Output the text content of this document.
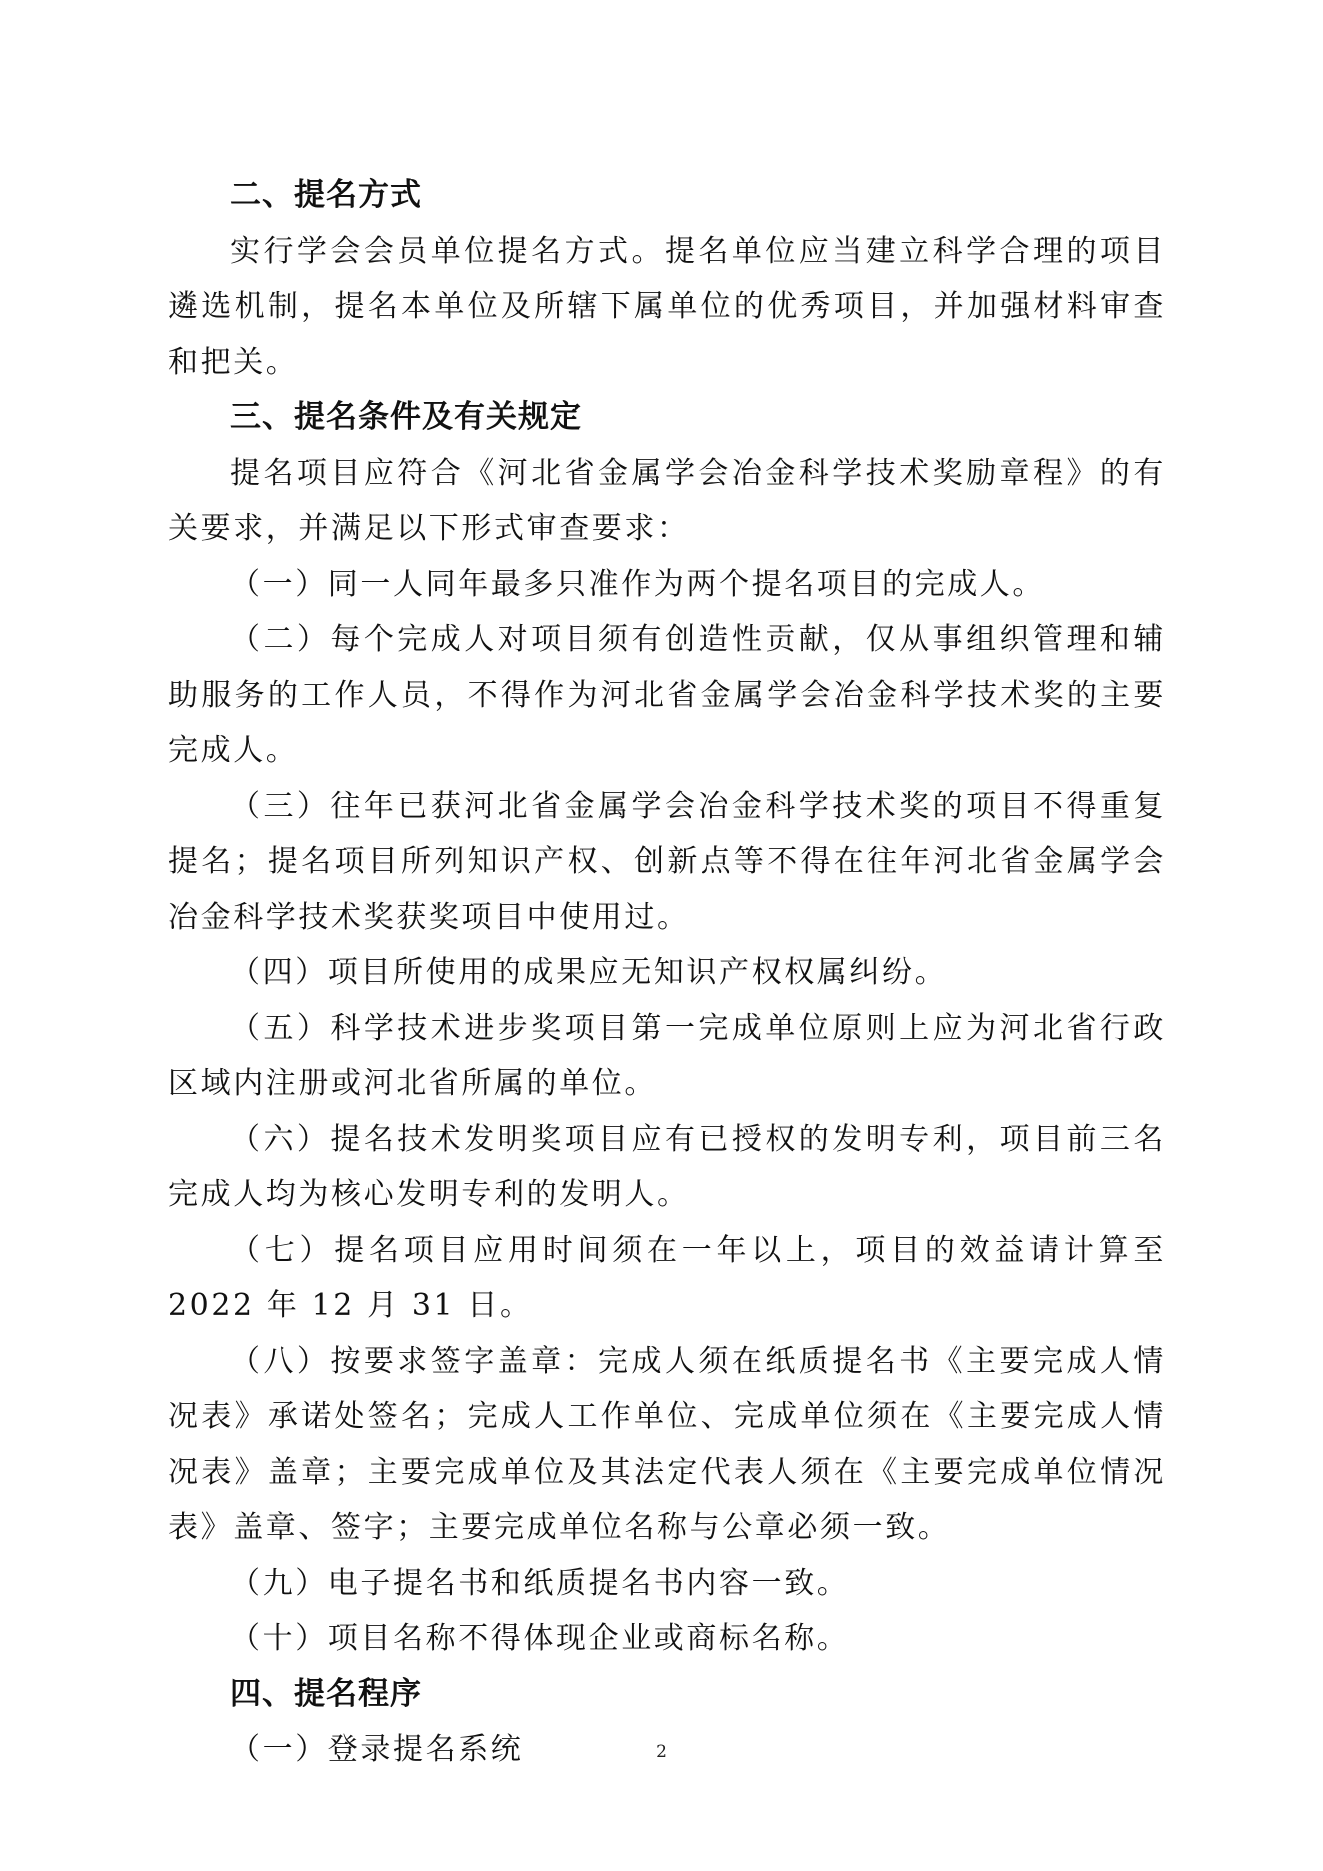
二、提名方式

实行学会会员单位提名方式。提名单位应当建立科学合理的项目遴选机制，提名本单位及所辖下属单位的优秀项目，并加强材料审查和把关。

三、提名条件及有关规定

提名项目应符合《河北省金属学会冶金科学技术奖励章程》的有关要求，并满足以下形式审查要求：

（一）同一人同年最多只准作为两个提名项目的完成人。

（二）每个完成人对项目须有创造性贡献，仅从事组织管理和辅助服务的工作人员，不得作为河北省金属学会冶金科学技术奖的主要完成人。

（三）往年已获河北省金属学会冶金科学技术奖的项目不得重复提名；提名项目所列知识产权、创新点等不得在往年河北省金属学会冶金科学技术奖获奖项目中使用过。

（四）项目所使用的成果应无知识产权权属纠纷。

（五）科学技术进步奖项目第一完成单位原则上应为河北省行政区域内注册或河北省所属的单位。

（六）提名技术发明奖项目应有已授权的发明专利，项目前三名完成人均为核心发明专利的发明人。

（七）提名项目应用时间须在一年以上，项目的效益请计算至 2022 年 12 月 31 日。

（八）按要求签字盖章：完成人须在纸质提名书《主要完成人情况表》承诺处签名；完成人工作单位、完成单位须在《主要完成人情况表》盖章；主要完成单位及其法定代表人须在《主要完成单位情况表》盖章、签字；主要完成单位名称与公章必须一致。

（九）电子提名书和纸质提名书内容一致。

（十）项目名称不得体现企业或商标名称。

四、提名程序

（一）登录提名系统	2
